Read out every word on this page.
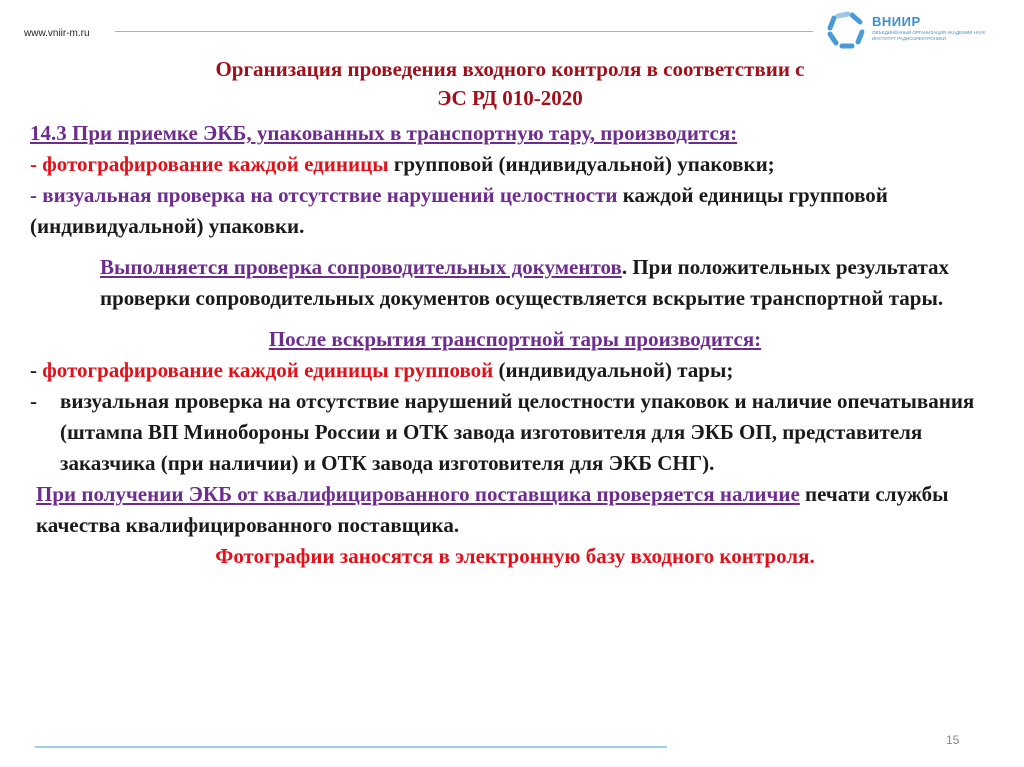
www.vniir-m.ru
ВНИИР
ОБЪЕДИНЁННЫЙ ОРГАНИЗАЦИЯ АКАДЕМИИ НАУК
ИНСТИТУТ РАДИОЭЛЕКТРОНИКИ
Организация проведения входного контроля в соответствии с
ЭС РД 010-2020

14.3 При приемке ЭКБ, упакованных в транспортную тару, производится:

- фотографирование каждой единицы групповой (индивидуальной) упаковки;

- визуальная проверка на отсутствие нарушений целостности каждой единицы групповой (индивидуальной) упаковки.

Выполняется проверка сопроводительных документов. При положительных результатах проверки сопроводительных документов осуществляется вскрытие транспортной тары.

После вскрытия транспортной тары производится:

- фотографирование каждой единицы групповой (индивидуальной) тары;

-	визуальная проверка на отсутствие нарушений целостности упаковок и наличие опечатывания (штампа ВП Минобороны России и ОТК завода изготовителя для ЭКБ ОП, представителя заказчика (при наличии) и ОТК завода изготовителя для ЭКБ СНГ).

При получении ЭКБ от квалифицированного поставщика проверяется наличие печати службы качества квалифицированного поставщика.

Фотографии заносятся в электронную базу входного контроля.

15
